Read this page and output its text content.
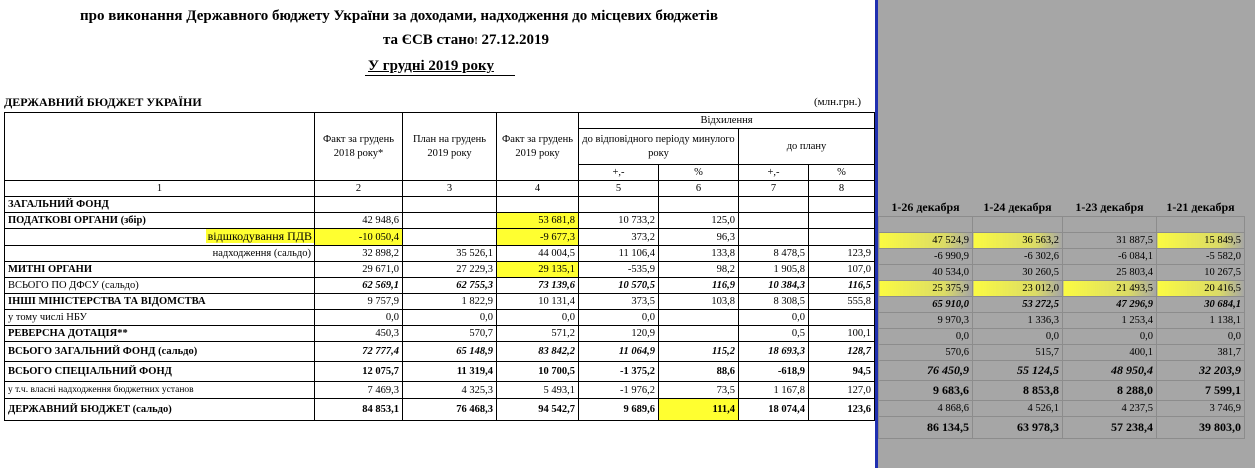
про виконання Державного бюджету України за доходами, надходження до місцевих бюджетів
та ЄСВ стано! 27.12.2019
У грудні 2019 року
ДЕРЖАВНИЙ БЮДЖЕТ УКРАЇНИ	(млн.грн.)
	Факт за грудень 2018 року*	План на грудень 2019 року	Факт за грудень 2019 року	Відхилення			
				до відповідного періоду минулого року		до плану	
				+,-	%	+,-	%
1	2	3	4	5	6	7	8
ЗАГАЛЬНИЙ ФОНД							
ПОДАТКОВІ ОРГАНИ (збір)	42 948,6		53 681,8	10 733,2	125,0		
відшкодування ПДВ	-10 050,4		-9 677,3	373,2	96,3		
надходження (сальдо)	32 898,2	35 526,1	44 004,5	11 106,4	133,8	8 478,5	123,9
МИТНІ ОРГАНИ	29 671,0	27 229,3	29 135,1	-535,9	98,2	1 905,8	107,0
ВСЬОГО ПО ДФСУ (сальдо)	62 569,1	62 755,3	73 139,6	10 570,5	116,9	10 384,3	116,5
ІНШІ МІНІСТЕРСТВА ТА ВІДОМСТВА	9 757,9	1 822,9	10 131,4	373,5	103,8	8 308,5	555,8
у тому числі НБУ	0,0	0,0	0,0	0,0		0,0	
РЕВЕРСНА ДОТАЦІЯ**	450,3	570,7	571,2	120,9		0,5	100,1
ВСЬОГО ЗАГАЛЬНИЙ ФОНД (сальдо)	72 777,4	65 148,9	83 842,2	11 064,9	115,2	18 693,3	128,7
ВСЬОГО СПЕЦІАЛЬНИЙ ФОНД	12 075,7	11 319,4	10 700,5	-1 375,2	88,6	-618,9	94,5
у т.ч. власні надходження бюджетних установ	7 469,3	4 325,3	5 493,1	-1 976,2	73,5	1 167,8	127,0
ДЕРЖАВНИЙ БЮДЖЕТ (сальдо)	84 853,1	76 468,3	94 542,7	9 689,6	111,4	18 074,4	123,6
1-26 декабря	1-24 декабря	1-23 декабря	1-21 декабря

47 524,9	36 563,2	31 887,5	15 849,5
-6 990,9	-6 302,6	-6 084,1	-5 582,0
40 534,0	30 260,5	25 803,4	10 267,5
25 375,9	23 012,0	21 493,5	20 416,5
65 910,0	53 272,5	47 296,9	30 684,1
9 970,3	1 336,3	1 253,4	1 138,1
0,0	0,0	0,0	0,0
570,6	515,7	400,1	381,7
76 450,9	55 124,5	48 950,4	32 203,9
9 683,6	8 853,8	8 288,0	7 599,1
4 868,6	4 526,1	4 237,5	3 746,9
86 134,5	63 978,3	57 238,4	39 803,0
